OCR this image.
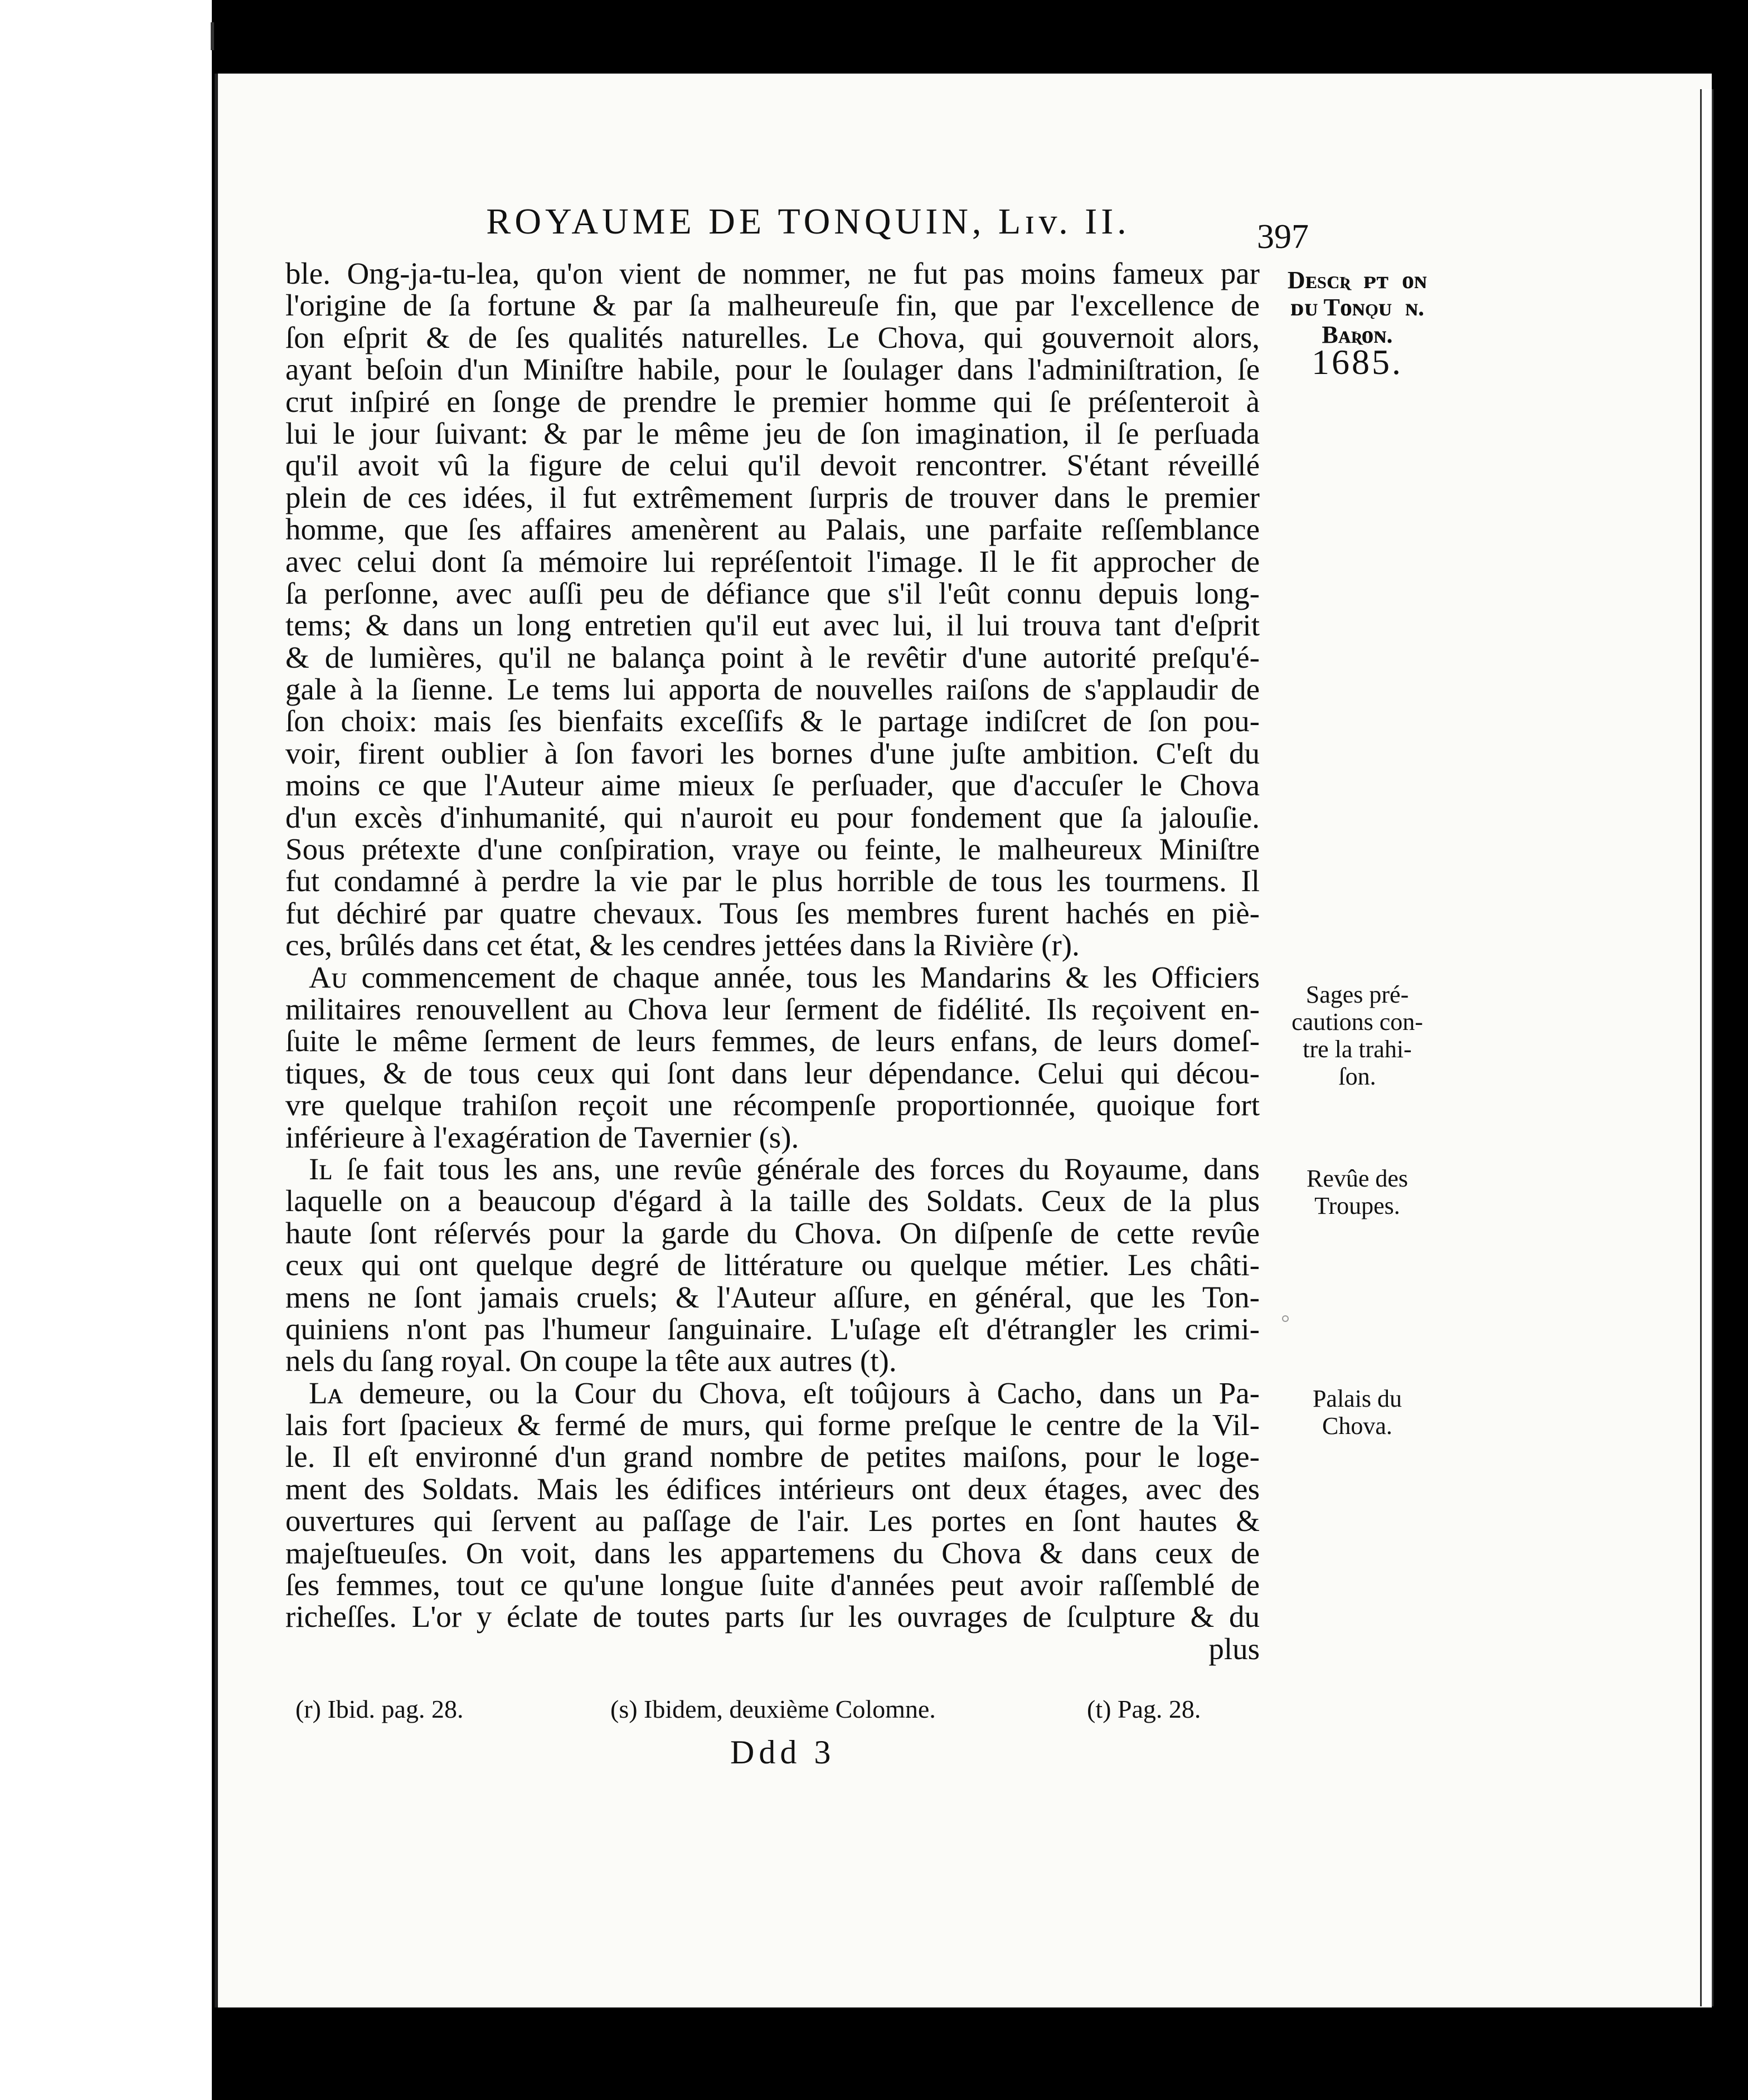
ROYAUME DE TONQUIN, Lɪv. II.	397
Dᴇsᴄʀɪᴘᴛɪᴏɴ
ᴅᴜ Tᴏɴǫᴜɪɴ.
Bᴀʀᴏɴ.
1685.
Sages pré-
cautions con-
tre la trahi-
ſon.
Revûe des
Troupes.
Palais du
Chova.
ble. Ong-ja-tu-lea, qu'on vient de nommer, ne fut pas moins fameux par
l'origine de ſa fortune & par ſa malheureuſe fin, que par l'excellence de
ſon eſprit & de ſes qualités naturelles. Le Chova, qui gouvernoit alors,
ayant beſoin d'un Miniſtre habile, pour le ſoulager dans l'adminiſtration, ſe
crut inſpiré en ſonge de prendre le premier homme qui ſe préſenteroit à
lui le jour ſuivant: & par le même jeu de ſon imagination, il ſe perſuada
qu'il avoit vû la figure de celui qu'il devoit rencontrer. S'étant réveillé
plein de ces idées, il fut extrêmement ſurpris de trouver dans le premier
homme, que ſes affaires amenèrent au Palais, une parfaite reſſemblance
avec celui dont ſa mémoire lui repréſentoit l'image. Il le fit approcher de
ſa perſonne, avec auſſi peu de défiance que s'il l'eût connu depuis long-
tems; & dans un long entretien qu'il eut avec lui, il lui trouva tant d'eſprit
& de lumières, qu'il ne balança point à le revêtir d'une autorité preſqu'é-
gale à la ſienne. Le tems lui apporta de nouvelles raiſons de s'applaudir de
ſon choix: mais ſes bienfaits exceſſifs & le partage indiſcret de ſon pou-
voir, firent oublier à ſon favori les bornes d'une juſte ambition. C'eſt du
moins ce que l'Auteur aime mieux ſe perſuader, que d'accuſer le Chova
d'un excès d'inhumanité, qui n'auroit eu pour fondement que ſa jalouſie.
Sous prétexte d'une conſpiration, vraye ou feinte, le malheureux Miniſtre
fut condamné à perdre la vie par le plus horrible de tous les tourmens. Il
fut déchiré par quatre chevaux. Tous ſes membres furent hachés en piè-
ces, brûlés dans cet état, & les cendres jettées dans la Rivière (r).
Aᴜ commencement de chaque année, tous les Mandarins & les Officiers
militaires renouvellent au Chova leur ſerment de fidélité. Ils reçoivent en-
ſuite le même ſerment de leurs femmes, de leurs enfans, de leurs domeſ-
tiques, & de tous ceux qui ſont dans leur dépendance. Celui qui décou-
vre quelque trahiſon reçoit une récompenſe proportionnée, quoique fort
inférieure à l'exagération de Tavernier (s).
Iʟ ſe fait tous les ans, une revûe générale des forces du Royaume, dans
laquelle on a beaucoup d'égard à la taille des Soldats. Ceux de la plus
haute ſont réſervés pour la garde du Chova. On diſpenſe de cette revûe
ceux qui ont quelque degré de littérature ou quelque métier. Les châti-
mens ne ſont jamais cruels; & l'Auteur aſſure, en général, que les Ton-
quiniens n'ont pas l'humeur ſanguinaire. L'uſage eſt d'étrangler les crimi-
nels du ſang royal. On coupe la tête aux autres (t).
Lᴀ demeure, ou la Cour du Chova, eſt toûjours à Cacho, dans un Pa-
lais fort ſpacieux & fermé de murs, qui forme preſque le centre de la Vil-
le. Il eſt environné d'un grand nombre de petites maiſons, pour le loge-
ment des Soldats. Mais les édifices intérieurs ont deux étages, avec des
ouvertures qui ſervent au paſſage de l'air. Les portes en ſont hautes &
majeſtueuſes. On voit, dans les appartemens du Chova & dans ceux de
ſes femmes, tout ce qu'une longue ſuite d'années peut avoir raſſemblé de
richeſſes. L'or y éclate de toutes parts ſur les ouvrages de ſculpture & du
plus
(r) Ibid. pag. 28.	(s) Ibidem, deuxième Colomne.	(t) Pag. 28.
Ddd 3
